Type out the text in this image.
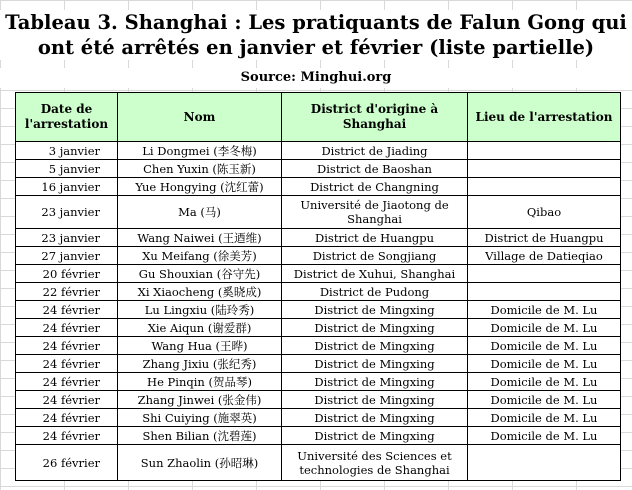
Tableau 3. Shanghai : Les pratiquants de Falun Gong qui
ont été arrêtés en janvier et février (liste partielle)
Source: Minghui.org
Date de l'arrestation	Nom	District d'origine à Shanghai	Lieu de l'arrestation
3 janvier	Li Dongmei (李冬梅)	District de Jiading	
5 janvier	Chen Yuxin (陈玉新)	District de Baoshan	
16 janvier	Yue Hongying (沈红蕾)	District de Changning	
23 janvier	Ma (马)	Université de Jiaotong de Shanghai	Qibao
23 janvier	Wang Naiwei (王迺维)	District de Huangpu	District de Huangpu
27 janvier	Xu Meifang (徐美芳)	District de Songjiang	Village de Datieqiao
20 février	Gu Shouxian (谷守先)	District de Xuhui, Shanghai	
22 février	Xi Xiaocheng (奚晓成)	District de Pudong	
24 février	Lu Lingxiu (陆玲秀)	District de Mingxing	Domicile de M. Lu
24 février	Xie Aiqun (谢爱群)	District de Mingxing	Domicile de M. Lu
24 février	Wang Hua (王晔)	District de Mingxing	Domicile de M. Lu
24 février	Zhang Jixiu (张纪秀)	District de Mingxing	Domicile de M. Lu
24 février	He Pinqin (贺品琴)	District de Mingxing	Domicile de M. Lu
24 février	Zhang Jinwei (张金伟)	District de Mingxing	Domicile de M. Lu
24 février	Shi Cuiying (施翠英)	District de Mingxing	Domicile de M. Lu
24 février	Shen Bilian (沈碧莲)	District de Mingxing	Domicile de M. Lu
26 février	Sun Zhaolin (孙昭琳)	Université des Sciences et technologies de Shanghai	
